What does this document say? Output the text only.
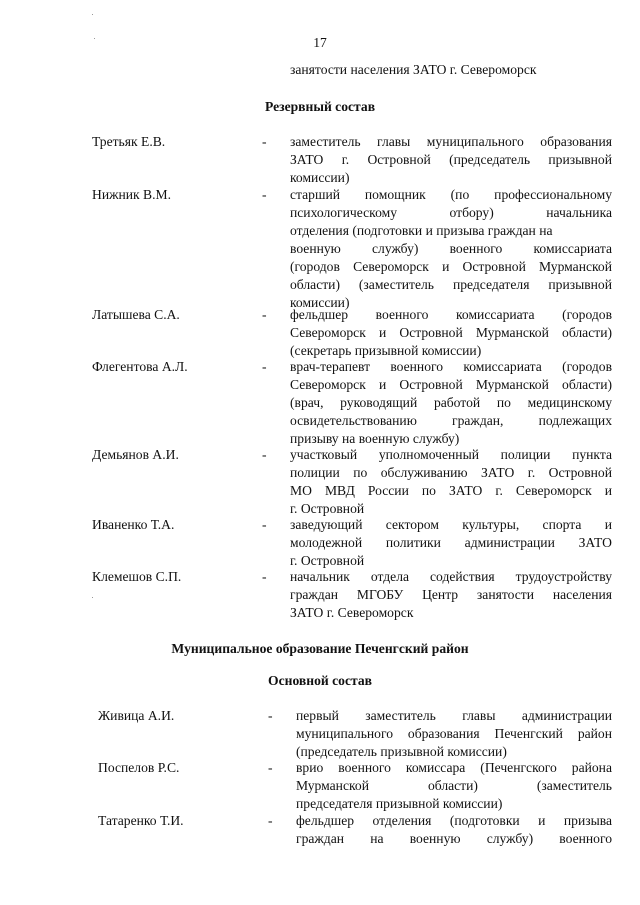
17
занятости населения ЗАТО г. Североморск
Резервный состав
Третьяк Е.В.	- заместитель главы муниципального образования
ЗАТО г. Островной (председатель призывной
комиссии)
Нижник В.М.	- старший помощник (по профессиональному
психологическому отбору) начальника
отделения (подготовки и призыва граждан на
военную службу) военного комиссариата
(городов Североморск и Островной Мурманской
области) (заместитель председателя призывной
комиссии)
Латышева С.А.	- фельдшер военного комиссариата (городов
Североморск и Островной Мурманской области)
(секретарь призывной комиссии)
Флегентова А.Л.	- врач-терапевт военного комиссариата (городов
Североморск и Островной Мурманской области)
(врач, руководящий работой по медицинскому
освидетельствованию граждан, подлежащих
призыву на военную службу)
Демьянов А.И.	- участковый уполномоченный полиции пункта
полиции по обслуживанию ЗАТО г. Островной
МО МВД России по ЗАТО г. Североморск и
г. Островной
Иваненко Т.А.	- заведующий сектором культуры, спорта и
молодежной политики администрации ЗАТО
г. Островной
Клемешов С.П.	- начальник отдела содействия трудоустройству
граждан МГОБУ Центр занятости населения
ЗАТО г. Североморск
Живица А.И.	- первый заместитель главы администрации
муниципального образования Печенгский район
(председатель призывной комиссии)
Поспелов Р.С.	- врио военного комиссара (Печенгского района
Мурманской области) (заместитель
председателя призывной комиссии)
Татаренко Т.И.	- фельдшер отделения (подготовки и призыва
граждан на военную службу) военного
Муниципальное образование Печенгский район
Основной состав
